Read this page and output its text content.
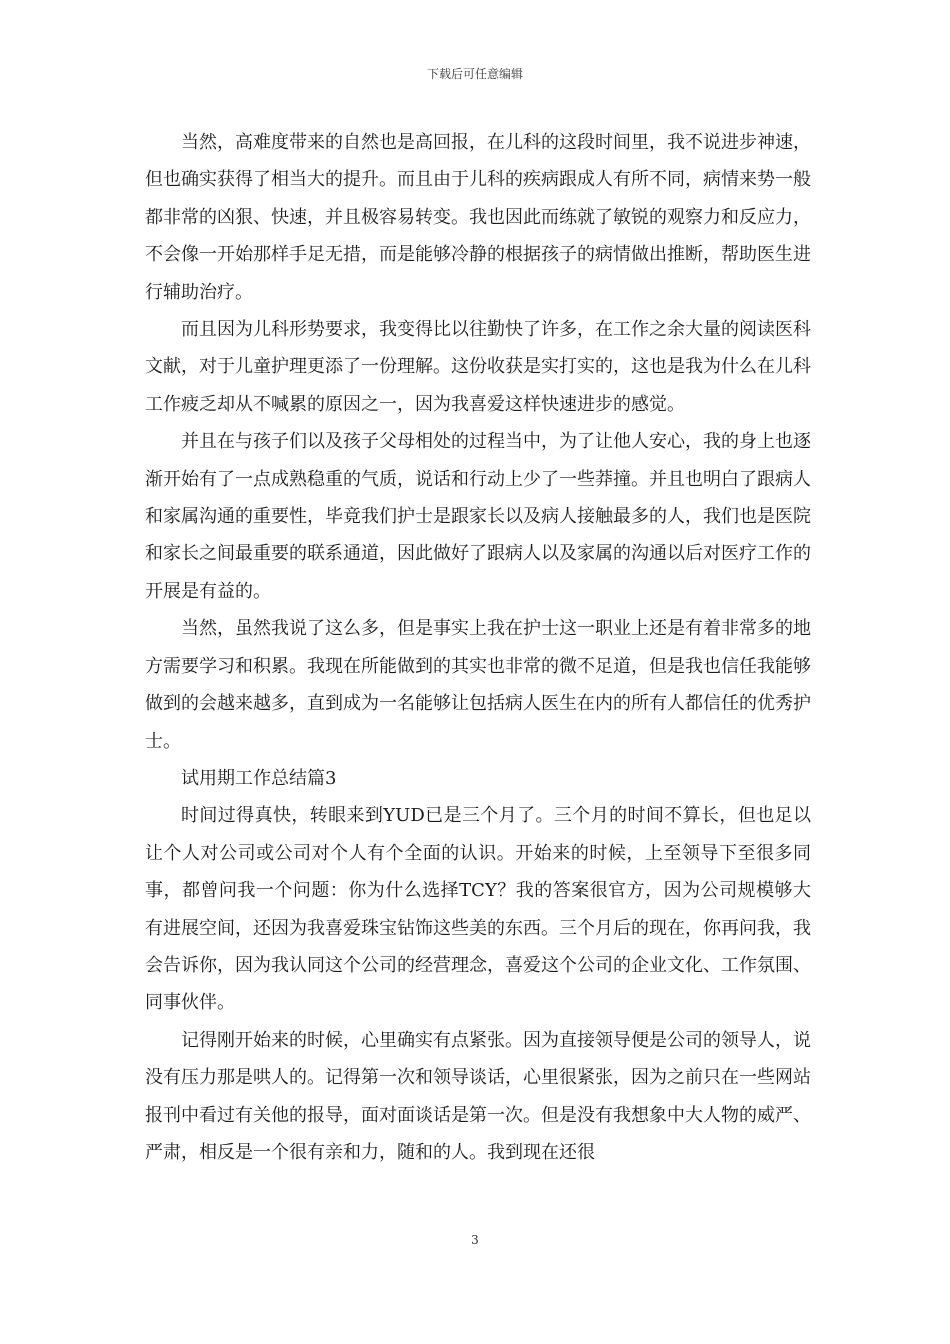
下载后可任意编辑

当然，高难度带来的自然也是高回报，在儿科的这段时间里，我不说进步神速，但也确实获得了相当大的提升。而且由于儿科的疾病跟成人有所不同，病情来势一般都非常的凶狠、快速，并且极容易转变。我也因此而练就了敏锐的观察力和反应力，不会像一开始那样手足无措，而是能够冷静的根据孩子的病情做出推断，帮助医生进行辅助治疗。

而且因为儿科形势要求，我变得比以往勤快了许多，在工作之余大量的阅读医科文献，对于儿童护理更添了一份理解。这份收获是实打实的，这也是我为什么在儿科工作疲乏却从不喊累的原因之一，因为我喜爱这样快速进步的感觉。

并且在与孩子们以及孩子父母相处的过程当中，为了让他人安心，我的身上也逐渐开始有了一点成熟稳重的气质，说话和行动上少了一些莽撞。并且也明白了跟病人和家属沟通的重要性，毕竟我们护士是跟家长以及病人接触最多的人，我们也是医院和家长之间最重要的联系通道，因此做好了跟病人以及家属的沟通以后对医疗工作的开展是有益的。

当然，虽然我说了这么多，但是事实上我在护士这一职业上还是有着非常多的地方需要学习和积累。我现在所能做到的其实也非常的微不足道，但是我也信任我能够做到的会越来越多，直到成为一名能够让包括病人医生在内的所有人都信任的优秀护士。

试用期工作总结篇3

时间过得真快，转眼来到YUD已是三个月了。三个月的时间不算长，但也足以让个人对公司或公司对个人有个全面的认识。开始来的时候，上至领导下至很多同事，都曾问我一个问题：你为什么选择TCY？我的答案很官方，因为公司规模够大有进展空间，还因为我喜爱珠宝钻饰这些美的东西。三个月后的现在，你再问我，我会告诉你，因为我认同这个公司的经营理念，喜爱这个公司的企业文化、工作氛围、同事伙伴。

记得刚开始来的时候，心里确实有点紧张。因为直接领导便是公司的领导人，说没有压力那是哄人的。记得第一次和领导谈话，心里很紧张，因为之前只在一些网站报刊中看过有关他的报导，面对面谈话是第一次。但是没有我想象中大人物的威严、严肃，相反是一个很有亲和力，随和的人。我到现在还很

3
